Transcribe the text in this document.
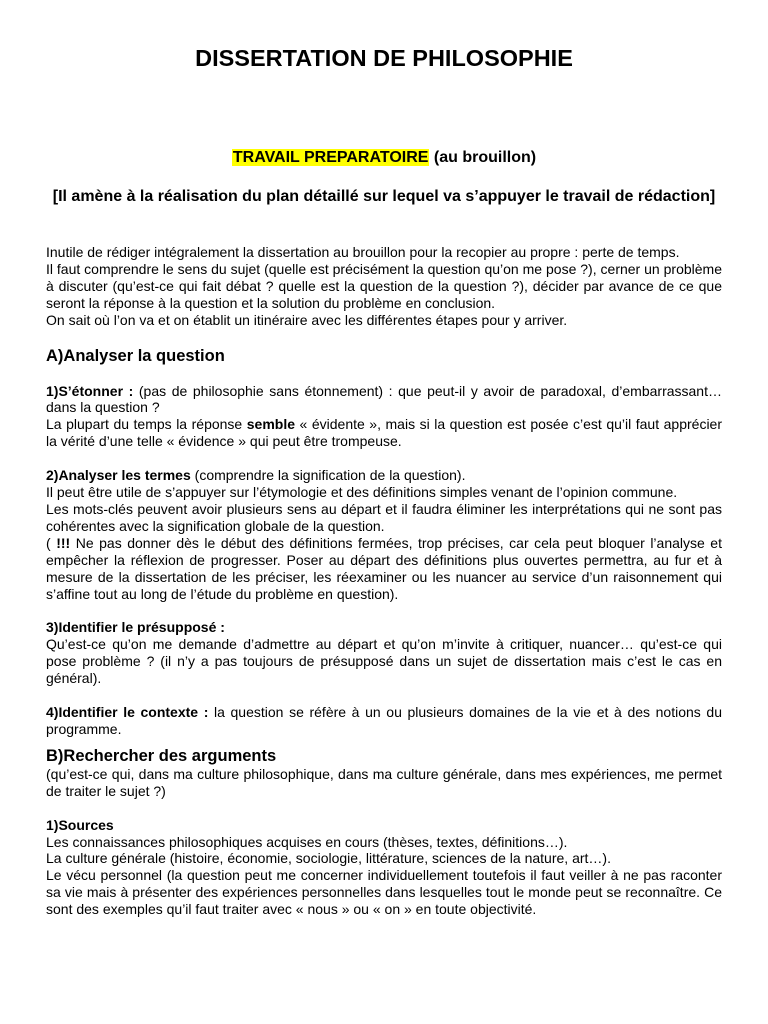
DISSERTATION DE PHILOSOPHIE
TRAVAIL PREPARATOIRE (au brouillon)
[Il amène à la réalisation du plan détaillé sur lequel va s’appuyer le travail de rédaction]

Inutile de rédiger intégralement la dissertation au brouillon pour la recopier au propre : perte de temps.

Il faut comprendre le sens du sujet (quelle est précisément la question qu’on me pose ?), cerner un problème à discuter (qu’est-ce qui fait débat ? quelle est la question de la question ?), décider par avance de ce que seront la réponse à la question et la solution du problème en conclusion.

On sait où l’on va et on établit un itinéraire avec les différentes étapes pour y arriver.

A)Analyser la question

1)S’étonner : (pas de philosophie sans étonnement) : que peut-il y avoir de paradoxal, d’embarrassant… dans la question ?

La plupart du temps la réponse semble « évidente », mais si la question est posée c’est qu’il faut apprécier la vérité d’une telle « évidence » qui peut être trompeuse.

2)Analyser les termes (comprendre la signification de la question).

Il peut être utile de s’appuyer sur l’étymologie et des définitions simples venant de l’opinion commune.

Les mots-clés peuvent avoir plusieurs sens au départ et il faudra éliminer les interprétations qui ne sont pas cohérentes avec la signification globale de la question.

( !!! Ne pas donner dès le début des définitions fermées, trop précises, car cela peut bloquer l’analyse et empêcher la réflexion de progresser. Poser au départ des définitions plus ouvertes permettra, au fur et à mesure de la dissertation de les préciser, les réexaminer ou les nuancer au service d’un raisonnement qui s’affine tout au long de l’étude du problème en question).

3)Identifier le présupposé :

Qu’est-ce qu’on me demande d’admettre au départ et qu’on m’invite à critiquer, nuancer… qu’est-ce qui pose problème ? (il n’y a pas toujours de présupposé dans un sujet de dissertation mais c’est le cas en général).

4)Identifier le contexte : la question se réfère à un ou plusieurs domaines de la vie et à des notions du programme.

B)Rechercher des arguments

(qu’est-ce qui, dans ma culture philosophique, dans ma culture générale, dans mes expériences, me permet de traiter le sujet ?)

1)Sources

Les connaissances philosophiques acquises en cours (thèses, textes, définitions…).

La culture générale (histoire, économie, sociologie, littérature, sciences de la nature, art…).

Le vécu personnel (la question peut me concerner individuellement toutefois il faut veiller à ne pas raconter sa vie mais à présenter des expériences personnelles dans lesquelles tout le monde peut se reconnaître. Ce sont des exemples qu’il faut traiter avec « nous » ou « on » en toute objectivité.
